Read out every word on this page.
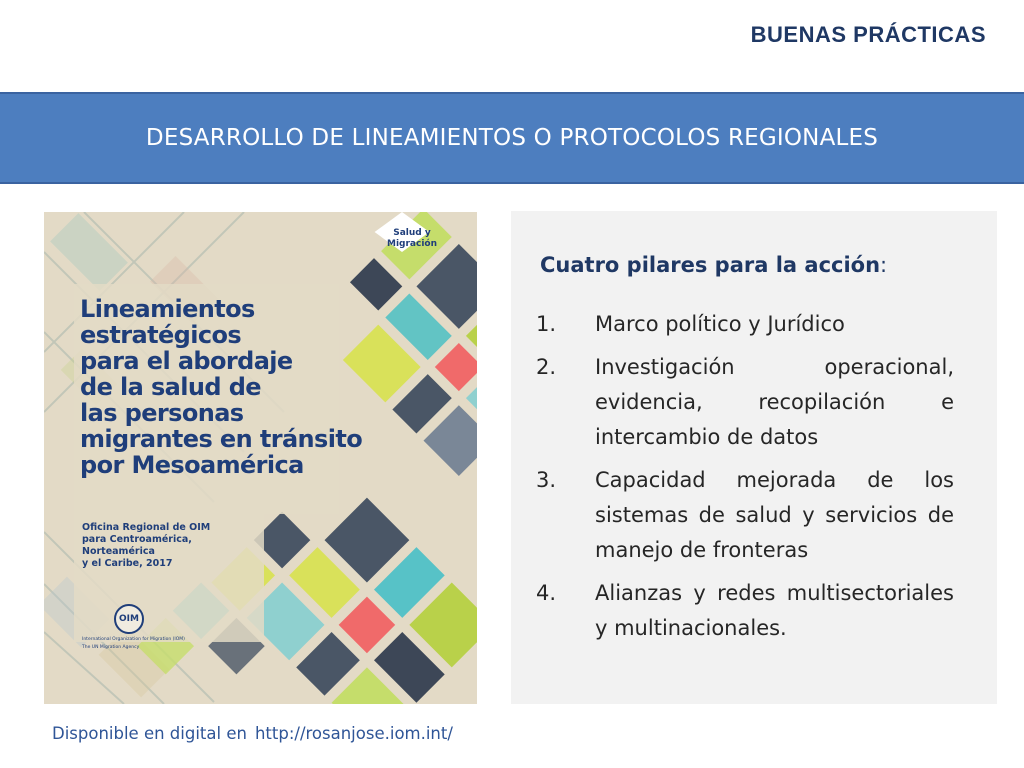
BUENAS PRÁCTICAS
DESARROLLO DE LINEAMIENTOS O PROTOCOLOS REGIONALES
Salud y
Migración
Lineamientos
estratégicos
para el abordaje
de la salud de
las personas
migrantes en tránsito
por Mesoamérica
Oficina Regional de OIM
para Centroamérica,
Norteamérica
y el Caribe, 2017
OIM
International Organization for Migration (IOM)
The UN Migration Agency
Cuatro pilares para la acción:
1.	Marco político y Jurídico
2.	Investigación operacional, evidencia, recopilación e intercambio de datos
3.	Capacidad mejorada de los sistemas de salud y servicios de manejo de fronteras
4.	Alianzas y redes multisectoriales y multinacionales.
Disponible en digital en http://rosanjose.iom.int/
